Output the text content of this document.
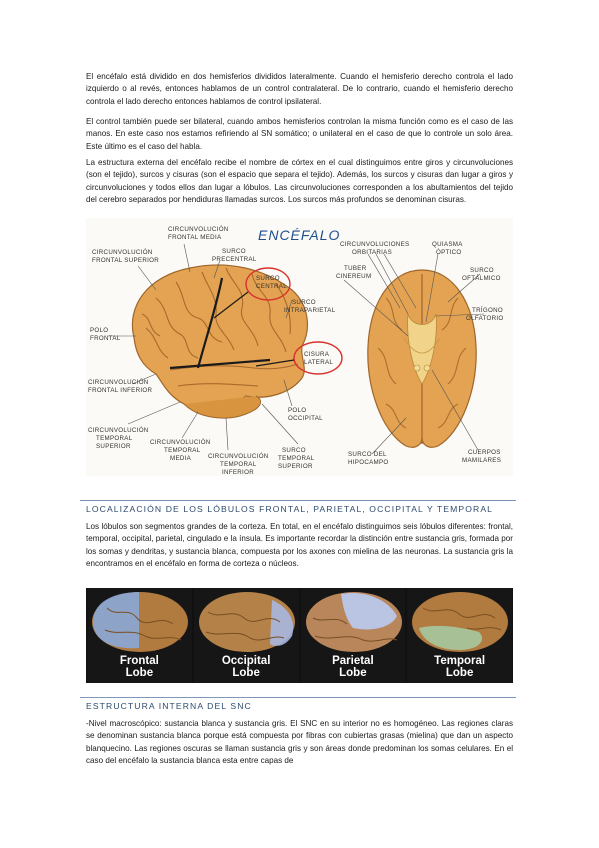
El encéfalo está dividido en dos hemisferios divididos lateralmente. Cuando el hemisferio derecho controla el lado izquierdo o al revés, entonces hablamos de un control contralateral. De lo contrario, cuando el hemisferio derecho controla el lado derecho entonces hablamos de control ipsilateral.

El control también puede ser bilateral, cuando ambos hemisferios controlan la misma función como es el caso de las manos. En este caso nos estamos refiriendo al SN somático; o unilateral en el caso de que lo controle un solo área. Este último es el caso del habla.

La estructura externa del encéfalo recibe el nombre de córtex en el cual distinguimos entre giros y circunvoluciones (son el tejido), surcos y cisuras (son el espacio que separa el tejido). Además, los surcos y cisuras dan lugar a giros y circunvoluciones y todos ellos dan lugar a lóbulos. Las circunvoluciones corresponden a los abultamientos del tejido del cerebro separados por hendiduras llamadas surcos. Los surcos más profundos se denominan cisuras.

ENCÉFALO
CIRCUNVOLUCIÓN
FRONTAL MEDIA
CIRCUNVOLUCIÓN
FRONTAL SUPERIOR
SURCO
PRECENTRAL
SURCO
CENTRAL
SURCO
INTRAPARIETAL
POLO
FRONTAL
CISURA
LATERAL
CIRCUNVOLUCIÓN
FRONTAL INFERIOR
POLO
OCCIPITAL
CIRCUNVOLUCIÓN
TEMPORAL
SUPERIOR
CIRCUNVOLUCIÓN
TEMPORAL
MEDIA	CIRCUNVOLUCIÓN
TEMPORAL
INFERIOR
SURCO
TEMPORAL
SUPERIOR
CIRCUNVOLUCIONES
ORBITARIAS
QUIASMA
ÓPTICO
TUBER
CINEREUM
SURCO
OFTÁLMICO
TRÍGONO
OLFATORIO
SURCO DEL
HIPOCAMPO
CUERPOS
MAMILARES
LOCALIZACIÓN DE LOS LÓBULOS FRONTAL, PARIETAL, OCCIPITAL Y TEMPORAL

Los lóbulos son segmentos grandes de la corteza. En total, en el encéfalo distinguimos seis lóbulos diferentes: frontal, temporal, occipital, parietal, cingulado e la ínsula. Es importante recordar la distinción entre sustancia gris, formada por los somas y dendritas, y sustancia blanca, compuesta por los axones con mielina de las neuronas. La sustancia gris la encontramos en el encéfalo en forma de corteza o núcleos.

Frontal
Lobe
Occipital
Lobe
Parietal
Lobe
Temporal
Lobe
ESTRUCTURA INTERNA DEL SNC

-Nivel macroscópico: sustancia blanca y sustancia gris. El SNC en su interior no es homogéneo. Las regiones claras se denominan sustancia blanca porque está compuesta por fibras con cubiertas grasas (mielina) que dan un aspecto blanquecino. Las regiones oscuras se llaman sustancia gris y son áreas donde predominan los somas celulares. En el caso del encéfalo la sustancia blanca esta entre capas de
